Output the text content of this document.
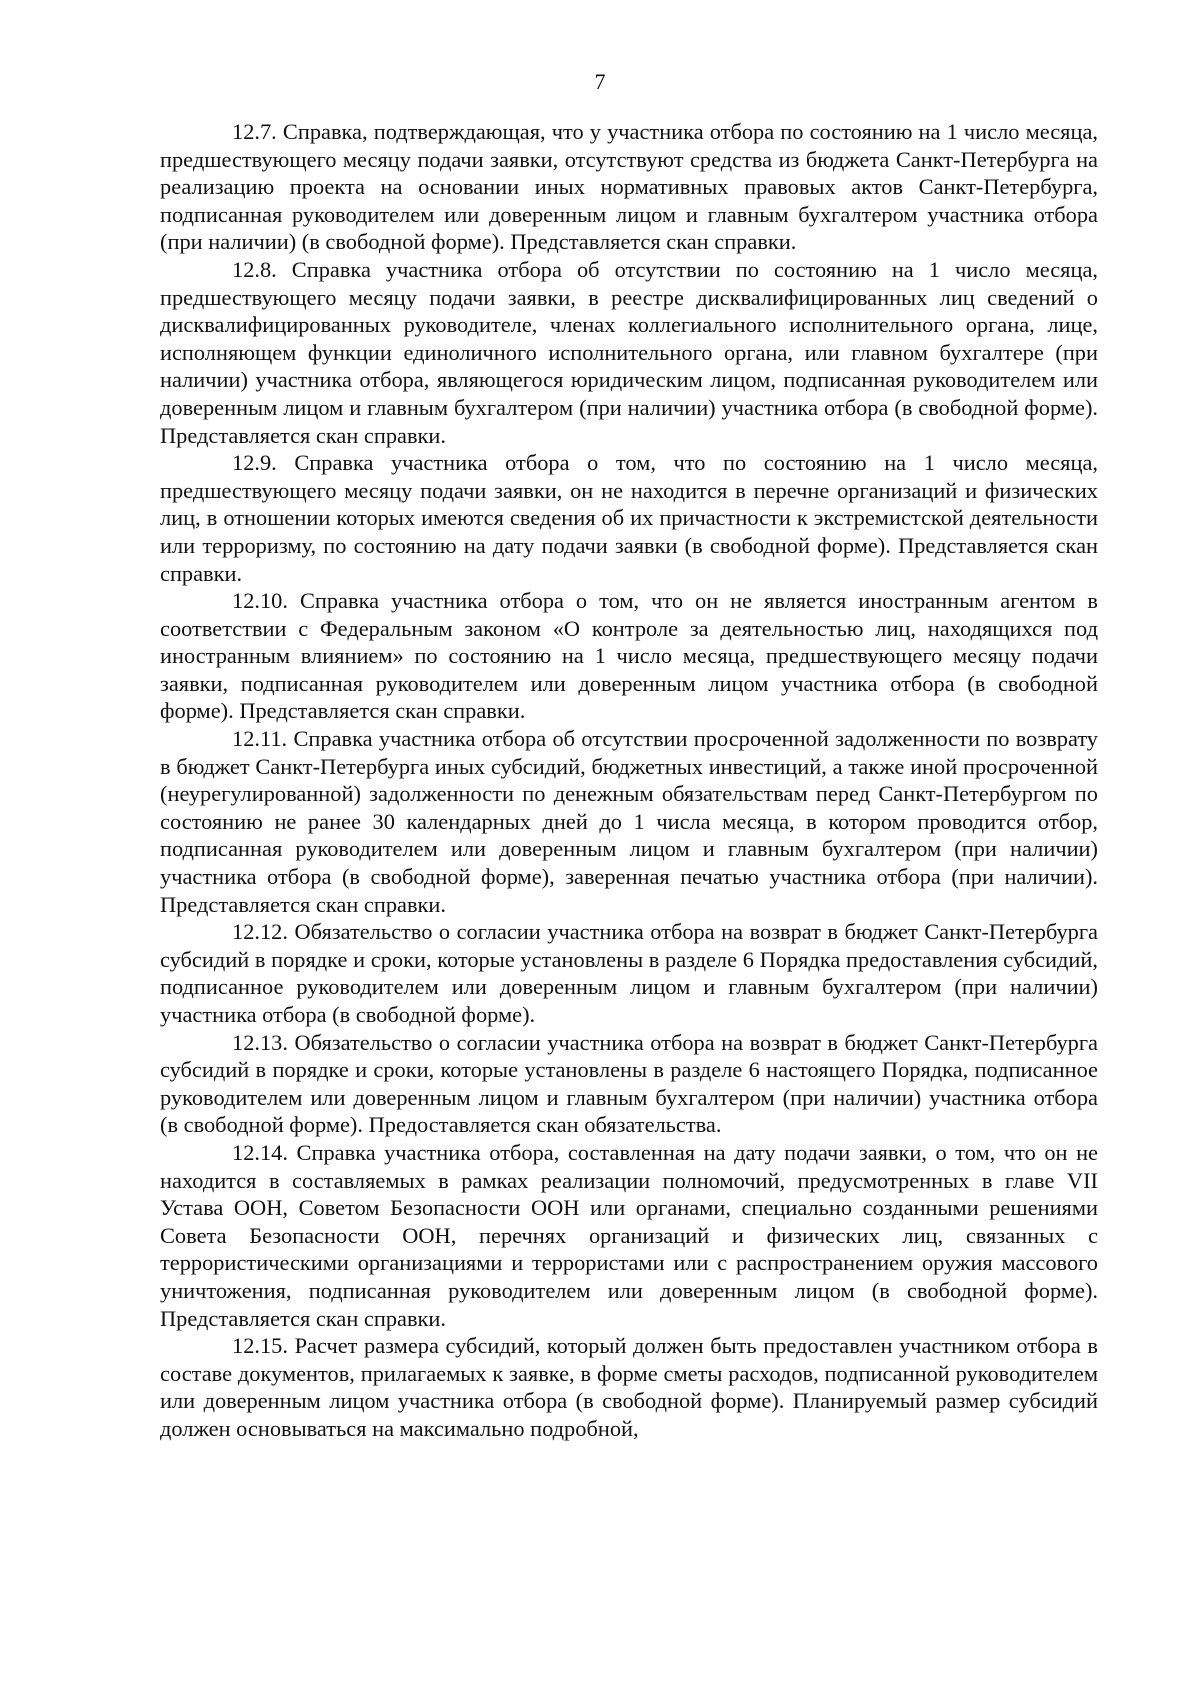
7

12.7. Справка, подтверждающая, что у участника отбора по состоянию на 1 число месяца, предшествующего месяцу подачи заявки, отсутствуют средства из бюджета Санкт-Петербурга на реализацию проекта на основании иных нормативных правовых актов Санкт-Петербурга, подписанная руководителем или доверенным лицом и главным бухгалтером участника отбора (при наличии) (в свободной форме). Представляется скан справки.

12.8. Справка участника отбора об отсутствии по состоянию на 1 число месяца, предшествующего месяцу подачи заявки, в реестре дисквалифицированных лиц сведений о дисквалифицированных руководителе, членах коллегиального исполнительного органа, лице, исполняющем функции единоличного исполнительного органа, или главном бухгалтере (при наличии) участника отбора, являющегося юридическим лицом, подписанная руководителем или доверенным лицом и главным бухгалтером (при наличии) участника отбора (в свободной форме). Представляется скан справки.

12.9. Справка участника отбора о том, что по состоянию на 1 число месяца, предшествующего месяцу подачи заявки, он не находится в перечне организаций и физических лиц, в отношении которых имеются сведения об их причастности к экстремистской деятельности или терроризму, по состоянию на дату подачи заявки (в свободной форме). Представляется скан справки.

12.10. Справка участника отбора о том, что он не является иностранным агентом в соответствии с Федеральным законом «О контроле за деятельностью лиц, находящихся под иностранным влиянием» по состоянию на 1 число месяца, предшествующего месяцу подачи заявки, подписанная руководителем или доверенным лицом участника отбора (в свободной форме). Представляется скан справки.

12.11. Справка участника отбора об отсутствии просроченной задолженности по возврату в бюджет Санкт-Петербурга иных субсидий, бюджетных инвестиций, а также иной просроченной (неурегулированной) задолженности по денежным обязательствам перед Санкт-Петербургом по состоянию не ранее 30 календарных дней до 1 числа месяца, в котором проводится отбор, подписанная руководителем или доверенным лицом и главным бухгалтером (при наличии) участника отбора (в свободной форме), заверенная печатью участника отбора (при наличии). Представляется скан справки.

12.12. Обязательство о согласии участника отбора на возврат в бюджет Санкт-Петербурга субсидий в порядке и сроки, которые установлены в разделе 6 Порядка предоставления субсидий, подписанное руководителем или доверенным лицом и главным бухгалтером (при наличии) участника отбора (в свободной форме).

12.13. Обязательство о согласии участника отбора на возврат в бюджет Санкт-Петербурга субсидий в порядке и сроки, которые установлены в разделе 6 настоящего Порядка, подписанное руководителем или доверенным лицом и главным бухгалтером (при наличии) участника отбора (в свободной форме). Предоставляется скан обязательства.

12.14. Справка участника отбора, составленная на дату подачи заявки, о том, что он не находится в составляемых в рамках реализации полномочий, предусмотренных в главе VII Устава ООН, Советом Безопасности ООН или органами, специально созданными решениями Совета Безопасности ООН, перечнях организаций и физических лиц, связанных с террористическими организациями и террористами или с распространением оружия массового уничтожения, подписанная руководителем или доверенным лицом (в свободной форме). Представляется скан справки.

12.15. Расчет размера субсидий, который должен быть предоставлен участником отбора в составе документов, прилагаемых к заявке, в форме сметы расходов, подписанной руководителем или доверенным лицом участника отбора (в свободной форме). Планируемый размер субсидий должен основываться на максимально подробной,
